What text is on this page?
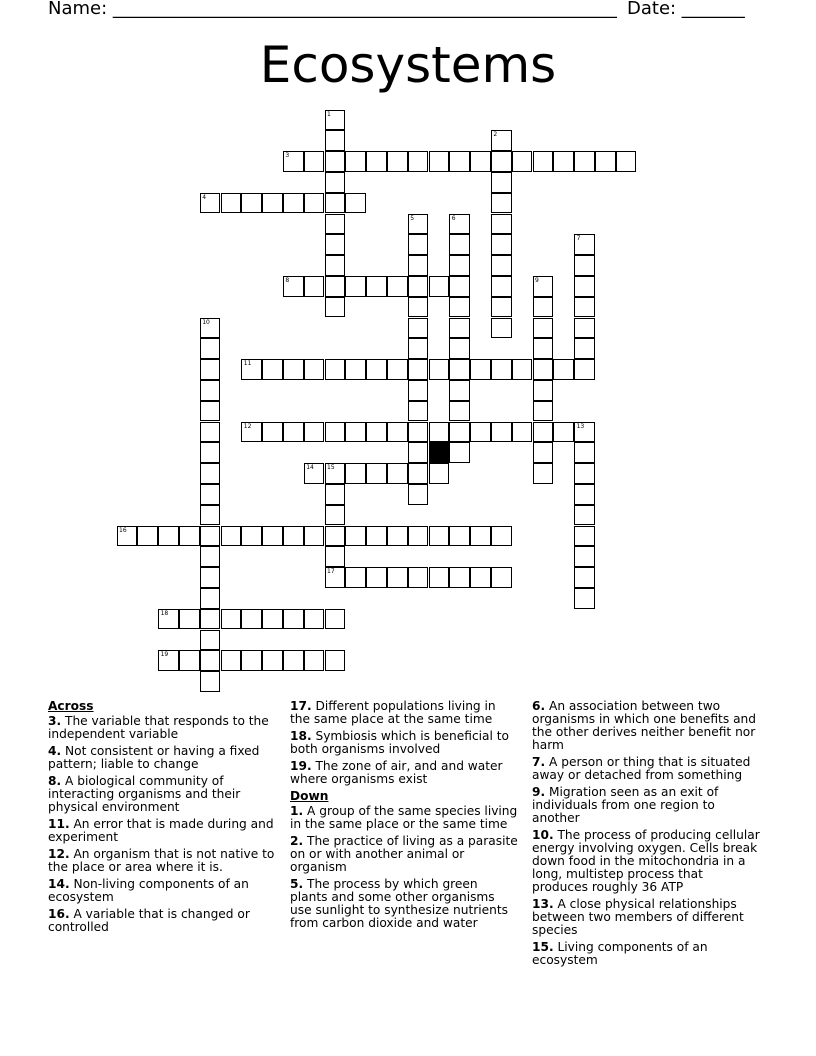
Name: ________________________________________________________ Date: _______
Ecosystems
1
2
3
4
5	6
7
8	9
10
11
12	13
14 15
16
17
18
19
Across
3. The variable that responds to the independent variable
4. Not consistent or having a fixed pattern; liable to change
8. A biological community of interacting organisms and their physical environment
11. An error that is made during and experiment
12. An organism that is not native to the place or area where it is.
14. Non-living components of an ecosystem
16. A variable that is changed or controlled
17. Different populations living in the same place at the same time
18. Symbiosis which is beneficial to both organisms involved
19. The zone of air, and and water where organisms exist
Down
1. A group of the same species living in the same place or the same time
2. The practice of living as a parasite on or with another animal or organism
5. The process by which green plants and some other organisms use sunlight to synthesize nutrients from carbon dioxide and water
6. An association between two organisms in which one benefits and the other derives neither benefit nor harm
7. A person or thing that is situated away or detached from something
9. Migration seen as an exit of individuals from one region to another
10. The process of producing cellular energy involving oxygen. Cells break down food in the mitochondria in a long, multistep process that produces roughly 36 ATP
13. A close physical relationships between two members of different species
15. Living components of an ecosystem
